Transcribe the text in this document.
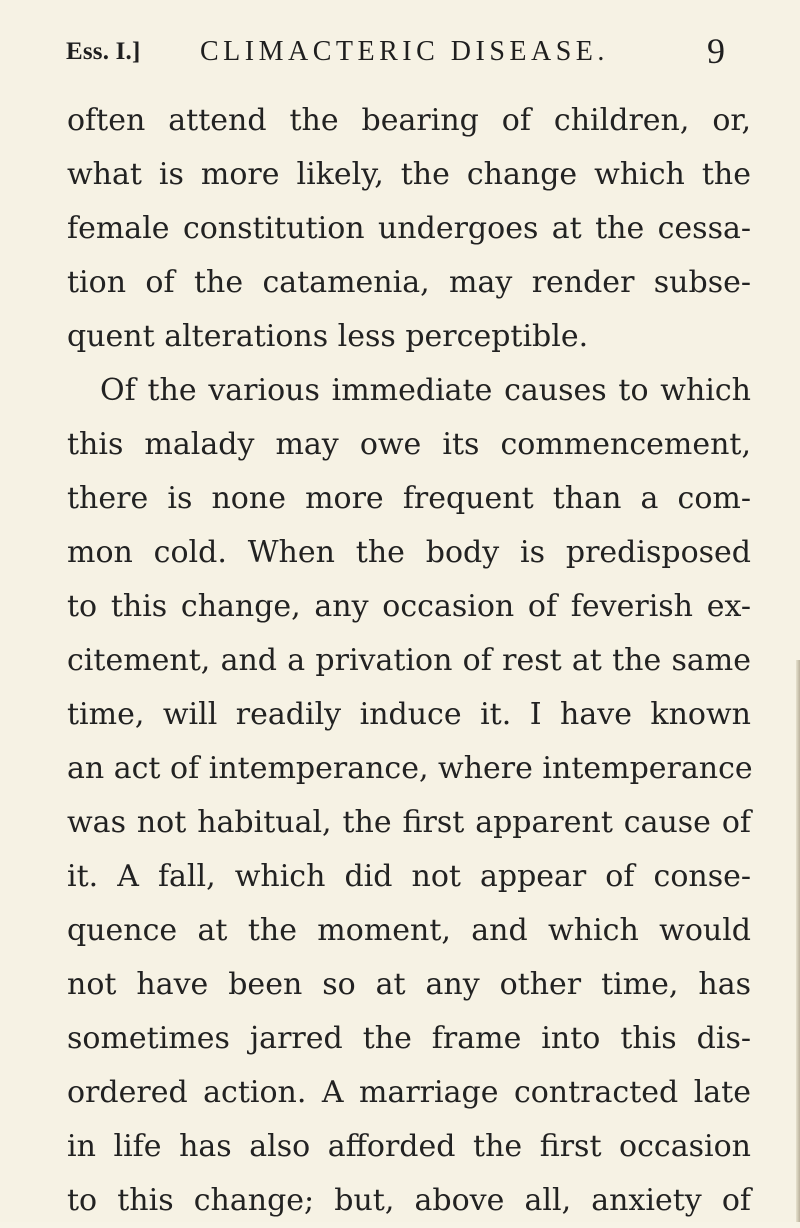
Ess. I.] CLIMACTERIC DISEASE.	9
often attend the bearing of children, or,
what is more likely, the change which the
female constitution undergoes at the cessa-
tion of the catamenia, may render subse-
quent alterations less perceptible.
Of the various immediate causes to which
this malady may owe its commencement,
there is none more frequent than a com-
mon cold. When the body is predisposed
to this change, any occasion of feverish ex-
citement, and a privation of rest at the same
time, will readily induce it. I have known
an act of intemperance, where intemperance
was not habitual, the first apparent cause of
it. A fall, which did not appear of conse-
quence at the moment, and which would
not have been so at any other time, has
sometimes jarred the frame into this dis-
ordered action. A marriage contracted late
in life has also afforded the first occasion
to this change; but, above all, anxiety of
